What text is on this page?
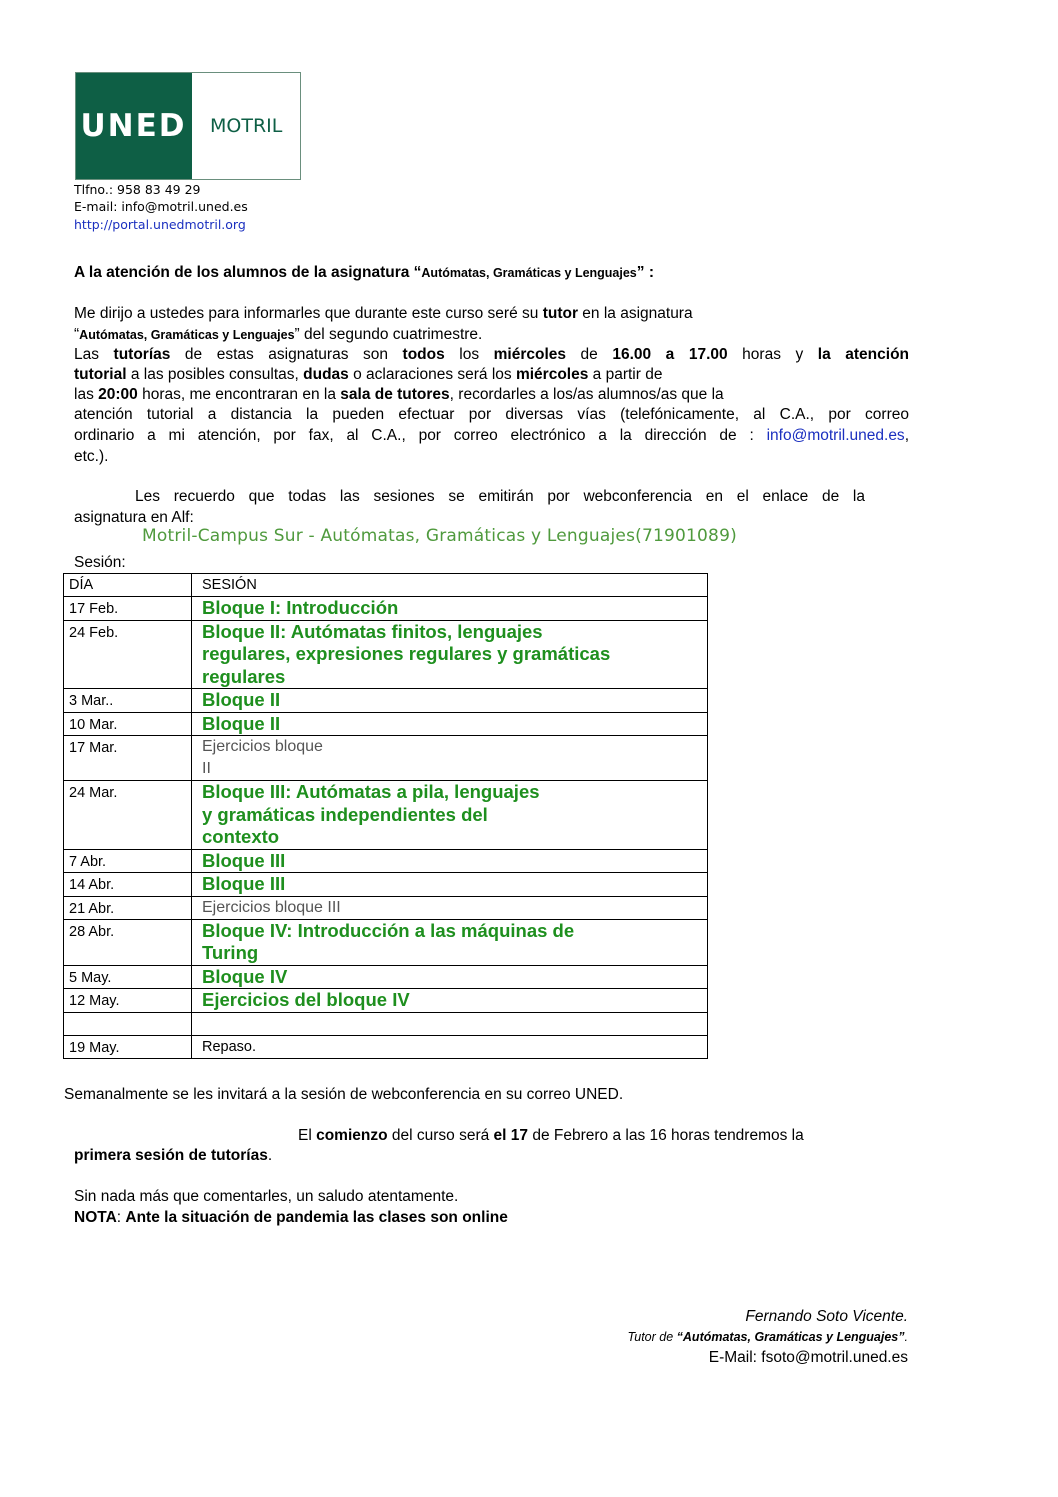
UNED	MOTRIL
Tlfno.: 958 83 49 29
E-mail: info@motril.uned.es
http://portal.unedmotril.org
A la atención de los alumnos de la asignatura “Autómatas, Gramáticas y Lenguajes” :
Me dirijo a ustedes para informarles que durante este curso seré su tutor en la asignatura
“Autómatas, Gramáticas y Lenguajes” del segundo cuatrimestre.
Las tutorías de estas asignaturas son todos los miércoles de 16.00 a 17.00 horas y la atención
tutorial a las posibles consultas, dudas o aclaraciones será los miércoles a partir de
las 20:00 horas, me encontraran en la sala de tutores, recordarles a los/as alumnos/as que la
atención tutorial a distancia la pueden efectuar por diversas vías (telefónicamente, al C.A., por correo
ordinario a mi atención, por fax, al C.A., por correo electrónico a la dirección de : info@motril.uned.es,
etc.).
Les recuerdo que todas las sesiones se emitirán por webconferencia en el enlace de la
asignatura en Alf:
Motril-Campus Sur - Autómatas, Gramáticas y Lenguajes(71901089)
Sesión:
DÍA	SESIÓN
17 Feb.	Bloque I: Introducción

24 Feb.	Bloque II: Autómatas finitos, lenguajes
regulares, expresiones regulares y gramáticas
regulares

3 Mar..	Bloque II

10 Mar.	Bloque II

17 Mar.	Ejercicios bloque
II

24 Mar.	Bloque III: Autómatas a pila, lenguajes
y gramáticas independientes del
contexto

7 Abr.	Bloque III

14 Abr.	Bloque III

21 Abr.	Ejercicios bloque III

28 Abr.	Bloque IV: Introducción a las máquinas de
Turing

5 May.	Bloque IV

12 May.	Ejercicios del bloque IV

19 May.	Repaso.
Semanalmente se les invitará a la sesión de webconferencia en su correo UNED.
El comienzo del curso será el 17 de Febrero a las 16 horas tendremos la
primera sesión de tutorías.
Sin nada más que comentarles, un saludo atentamente.
NOTA: Ante la situación de pandemia las clases son online
Fernando Soto Vicente.
Tutor de “Autómatas, Gramáticas y Lenguajes”.
E-Mail: fsoto@motril.uned.es
